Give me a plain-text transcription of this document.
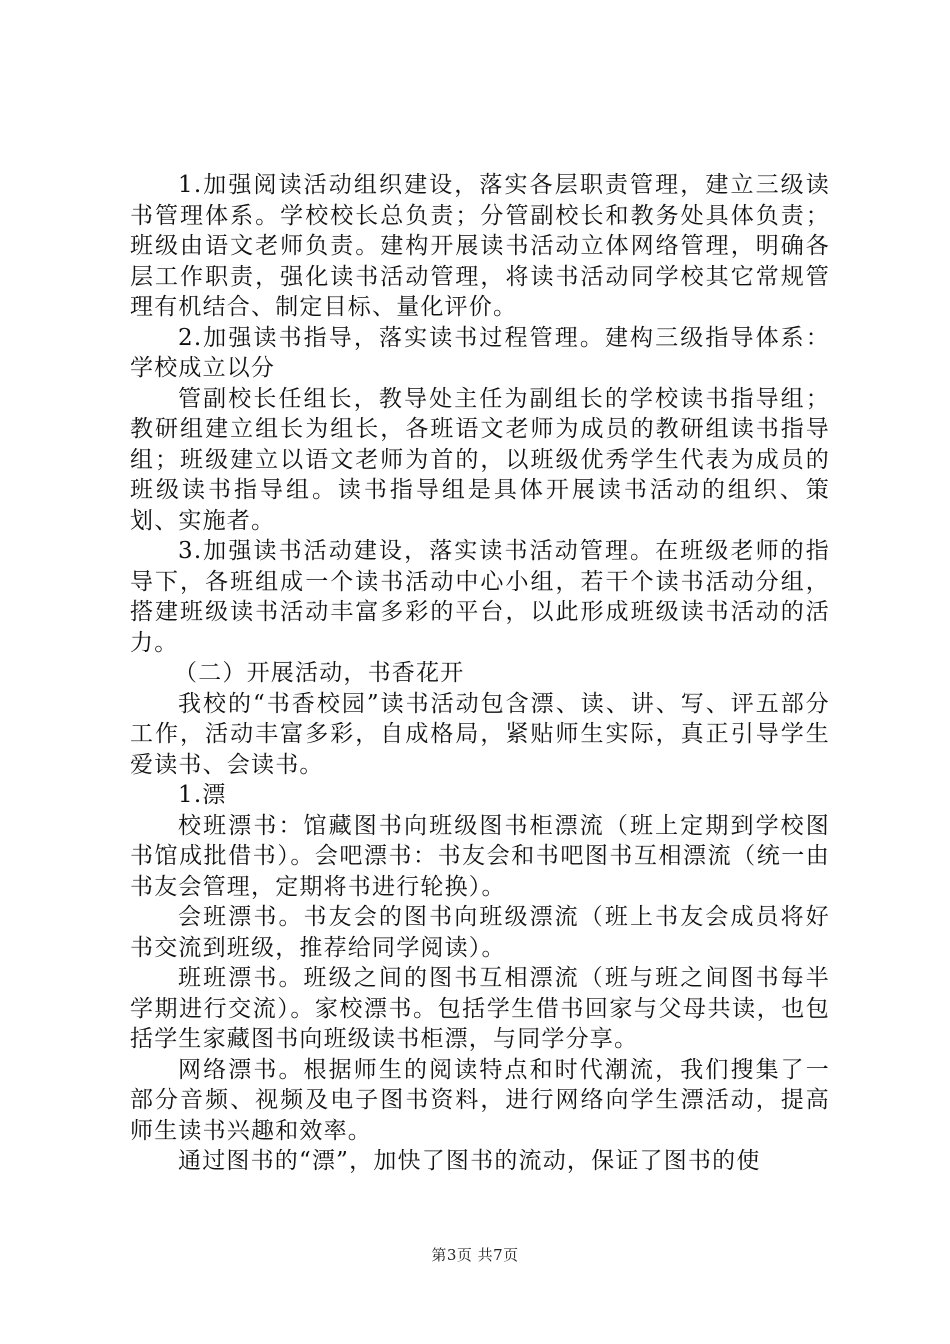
1.加强阅读活动组织建设，落实各层职责管理，建立三级读书管理体系。学校校长总负责；分管副校长和教务处具体负责；班级由语文老师负责。建构开展读书活动立体网络管理，明确各层工作职责，强化读书活动管理，将读书活动同学校其它常规管理有机结合、制定目标、量化评价。

2.加强读书指导，落实读书过程管理。建构三级指导体系：学校成立以分

管副校长任组长，教导处主任为副组长的学校读书指导组；教研组建立组长为组长，各班语文老师为成员的教研组读书指导组；班级建立以语文老师为首的，以班级优秀学生代表为成员的班级读书指导组。读书指导组是具体开展读书活动的组织、策划、实施者。

3.加强读书活动建设，落实读书活动管理。在班级老师的指导下，各班组成一个读书活动中心小组，若干个读书活动分组，搭建班级读书活动丰富多彩的平台，以此形成班级读书活动的活力。

（二）开展活动，书香花开

我校的“书香校园”读书活动包含漂、读、讲、写、评五部分工作，活动丰富多彩，自成格局，紧贴师生实际，真正引导学生爱读书、会读书。

1.漂

校班漂书：馆藏图书向班级图书柜漂流（班上定期到学校图书馆成批借书）。会吧漂书：书友会和书吧图书互相漂流（统一由书友会管理，定期将书进行轮换）。

会班漂书。书友会的图书向班级漂流（班上书友会成员将好书交流到班级，推荐给同学阅读）。

班班漂书。班级之间的图书互相漂流（班与班之间图书每半学期进行交流）。家校漂书。包括学生借书回家与父母共读，也包括学生家藏图书向班级读书柜漂，与同学分享。

网络漂书。根据师生的阅读特点和时代潮流，我们搜集了一部分音频、视频及电子图书资料，进行网络向学生漂活动，提高师生读书兴趣和效率。

通过图书的“漂”，加快了图书的流动，保证了图书的使

第3页 共7页
